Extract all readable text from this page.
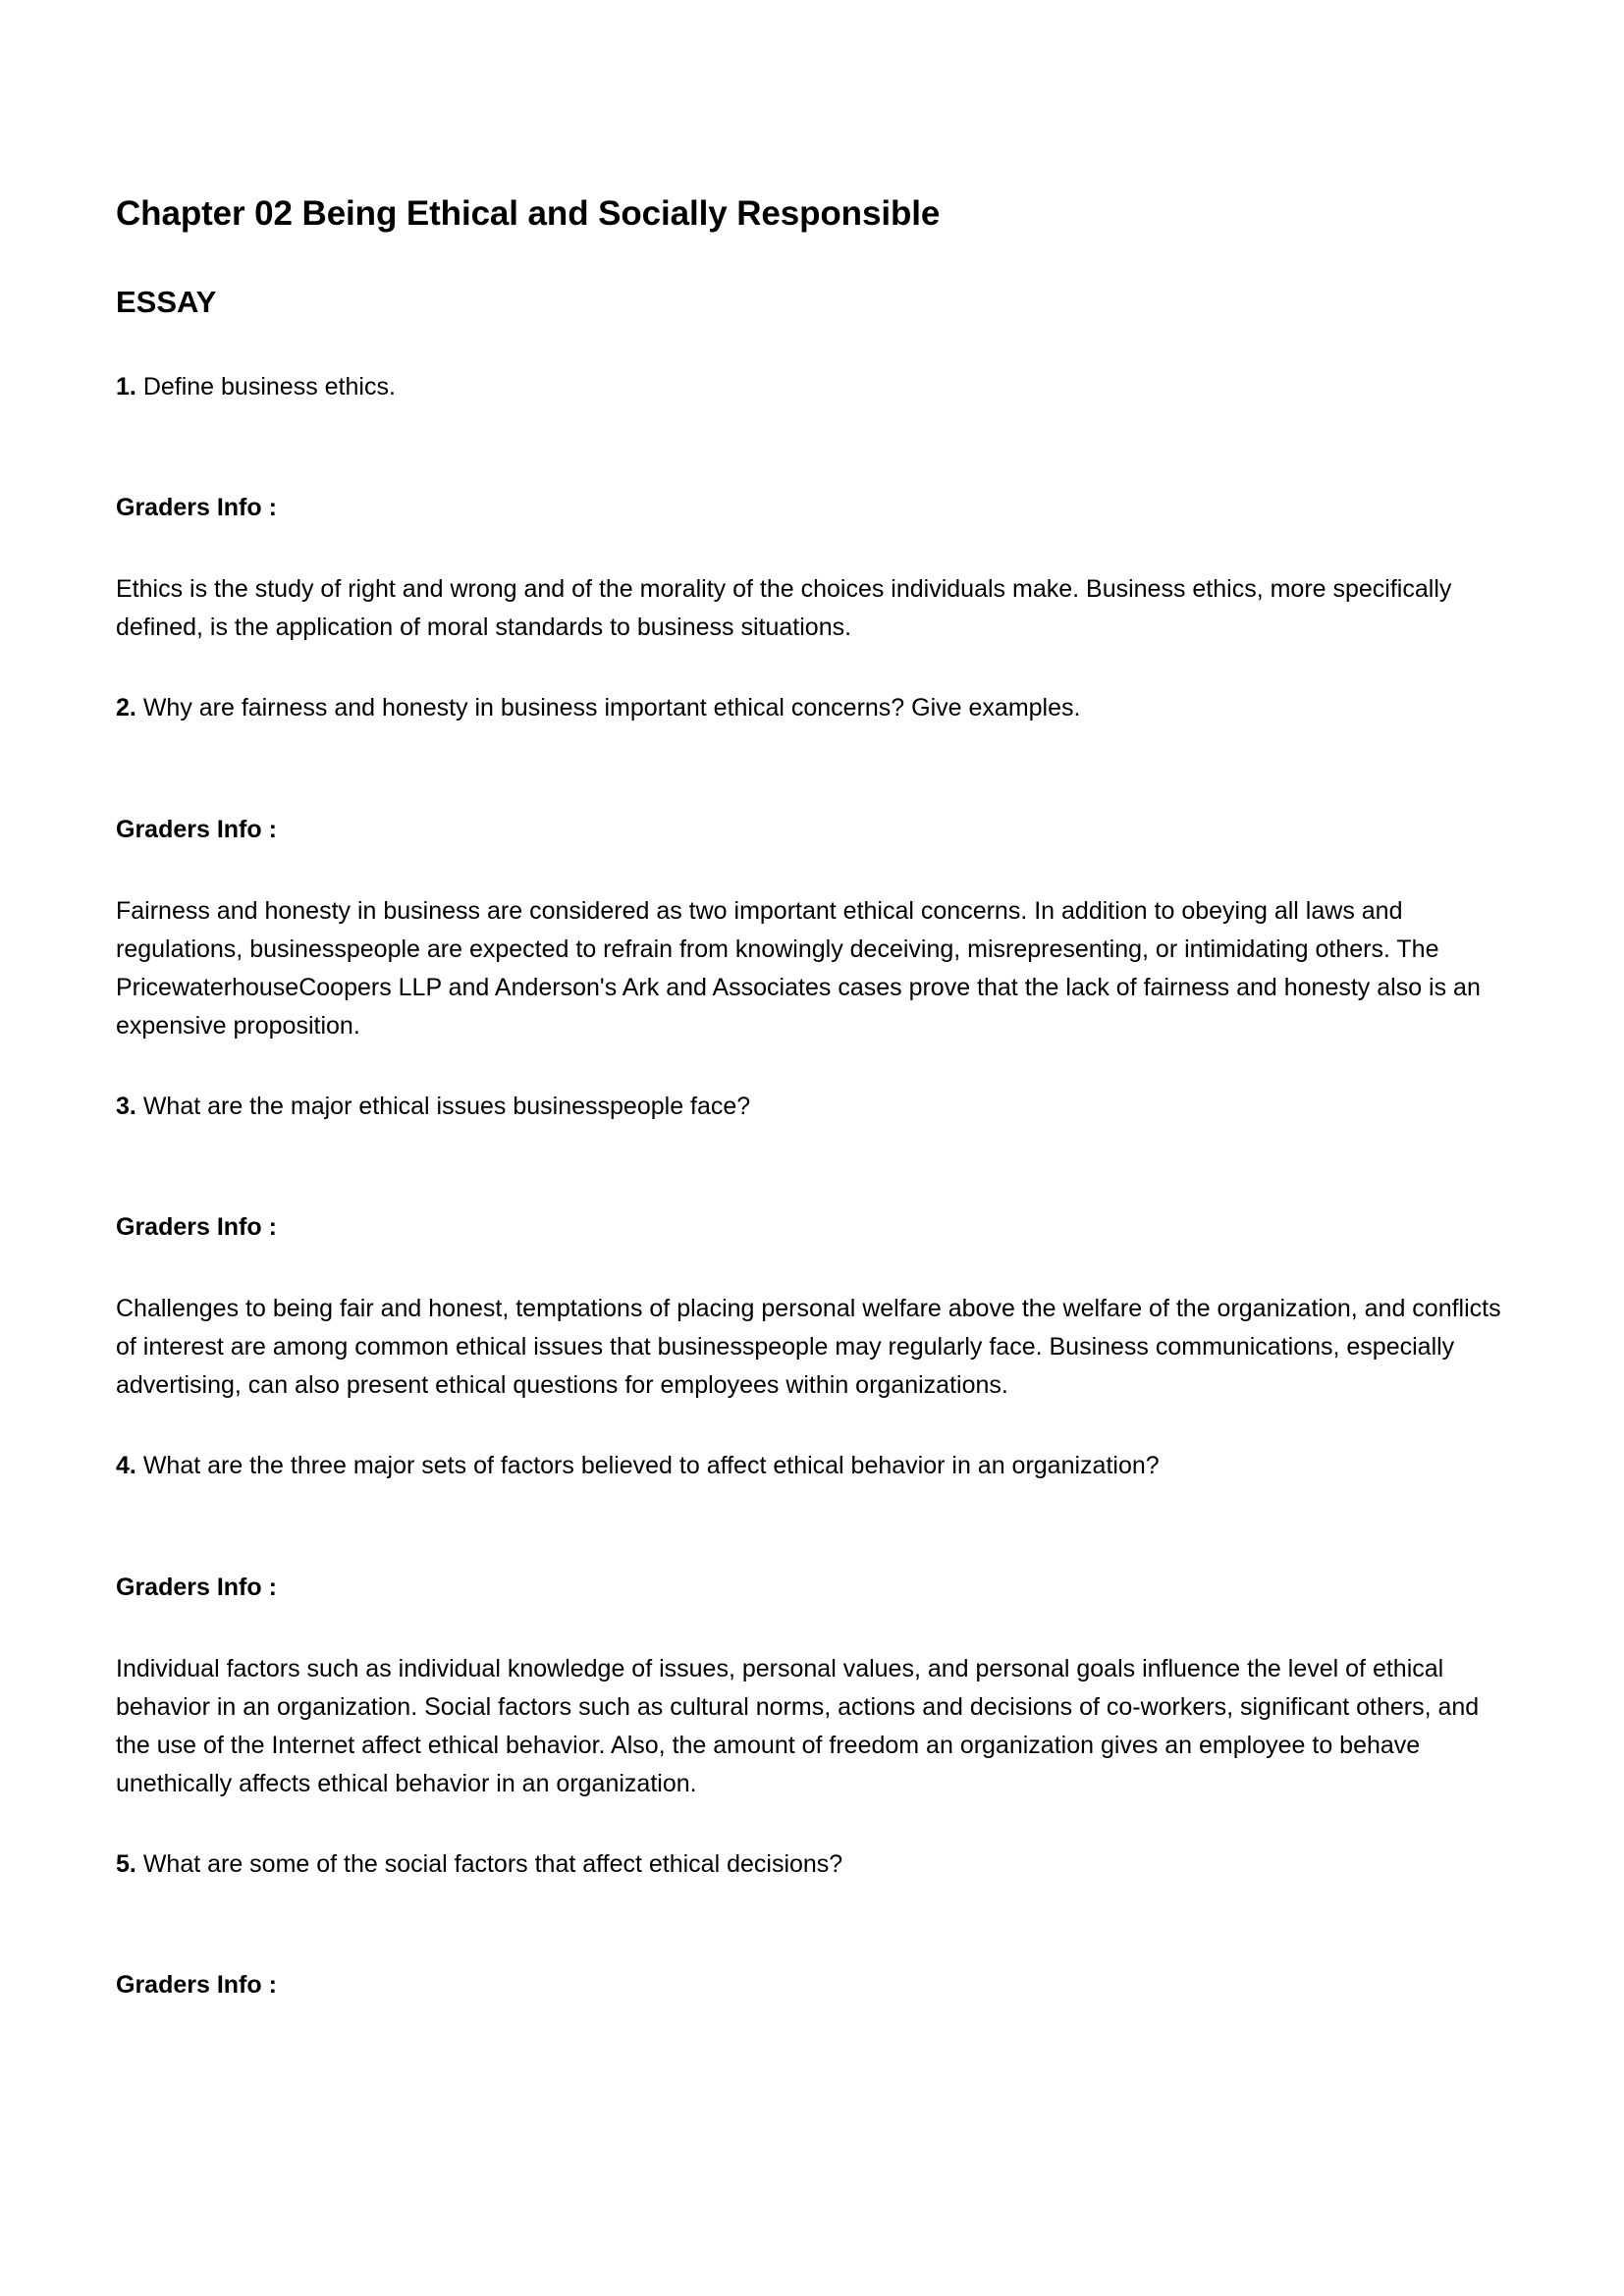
Chapter 02 Being Ethical and Socially Responsible
ESSAY

1. Define business ethics.

Graders Info :

Ethics is the study of right and wrong and of the morality of the choices individuals make. Business ethics, more specifically defined, is the application of moral standards to business situations.

2. Why are fairness and honesty in business important ethical concerns? Give examples.

Graders Info :

Fairness and honesty in business are considered as two important ethical concerns. In addition to obeying all laws and regulations, businesspeople are expected to refrain from knowingly deceiving, misrepresenting, or intimidating others. The PricewaterhouseCoopers LLP and Anderson's Ark and Associates cases prove that the lack of fairness and honesty also is an expensive proposition.

3. What are the major ethical issues businesspeople face?

Graders Info :

Challenges to being fair and honest, temptations of placing personal welfare above the welfare of the organization, and conflicts of interest are among common ethical issues that businesspeople may regularly face. Business communications, especially advertising, can also present ethical questions for employees within organizations.

4. What are the three major sets of factors believed to affect ethical behavior in an organization?

Graders Info :

Individual factors such as individual knowledge of issues, personal values, and personal goals influence the level of ethical behavior in an organization. Social factors such as cultural norms, actions and decisions of co-workers, significant others, and the use of the Internet affect ethical behavior. Also, the amount of freedom an organization gives an employee to behave unethically affects ethical behavior in an organization.

5. What are some of the social factors that affect ethical decisions?

Graders Info :
